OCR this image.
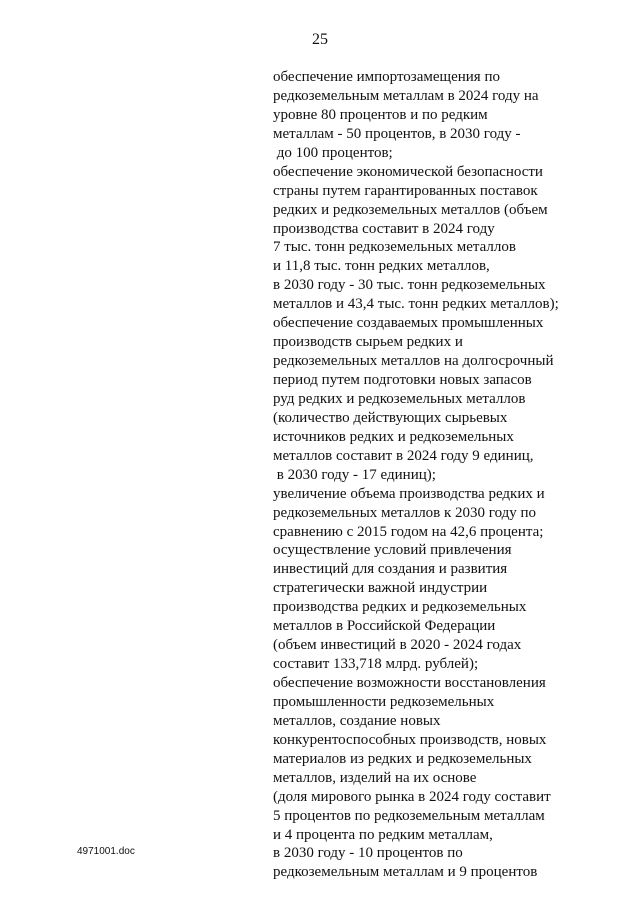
25
обеспечение импортозамещения по
редкоземельным металлам в 2024 году на
уровне 80 процентов и по редким
металлам - 50 процентов, в 2030 году -
до 100 процентов;
обеспечение экономической безопасности
страны путем гарантированных поставок
редких и редкоземельных металлов (объем
производства составит в 2024 году
7 тыс. тонн редкоземельных металлов
и 11,8 тыс. тонн редких металлов,
в 2030 году - 30 тыс. тонн редкоземельных
металлов и 43,4 тыс. тонн редких металлов);
обеспечение создаваемых промышленных
производств сырьем редких и
редкоземельных металлов на долгосрочный
период путем подготовки новых запасов
руд редких и редкоземельных металлов
(количество действующих сырьевых
источников редких и редкоземельных
металлов составит в 2024 году 9 единиц,
в 2030 году - 17 единиц);
увеличение объема производства редких и
редкоземельных металлов к 2030 году по
сравнению с 2015 годом на 42,6 процента;
осуществление условий привлечения
инвестиций для создания и развития
стратегически важной индустрии
производства редких и редкоземельных
металлов в Российской Федерации
(объем инвестиций в 2020 - 2024 годах
составит 133,718 млрд. рублей);
обеспечение возможности восстановления
промышленности редкоземельных
металлов, создание новых
конкурентоспособных производств, новых
материалов из редких и редкоземельных
металлов, изделий на их основе
(доля мирового рынка в 2024 году составит
5 процентов по редкоземельным металлам
и 4 процента по редким металлам,
в 2030 году - 10 процентов по
редкоземельным металлам и 9 процентов
4971001.doc
